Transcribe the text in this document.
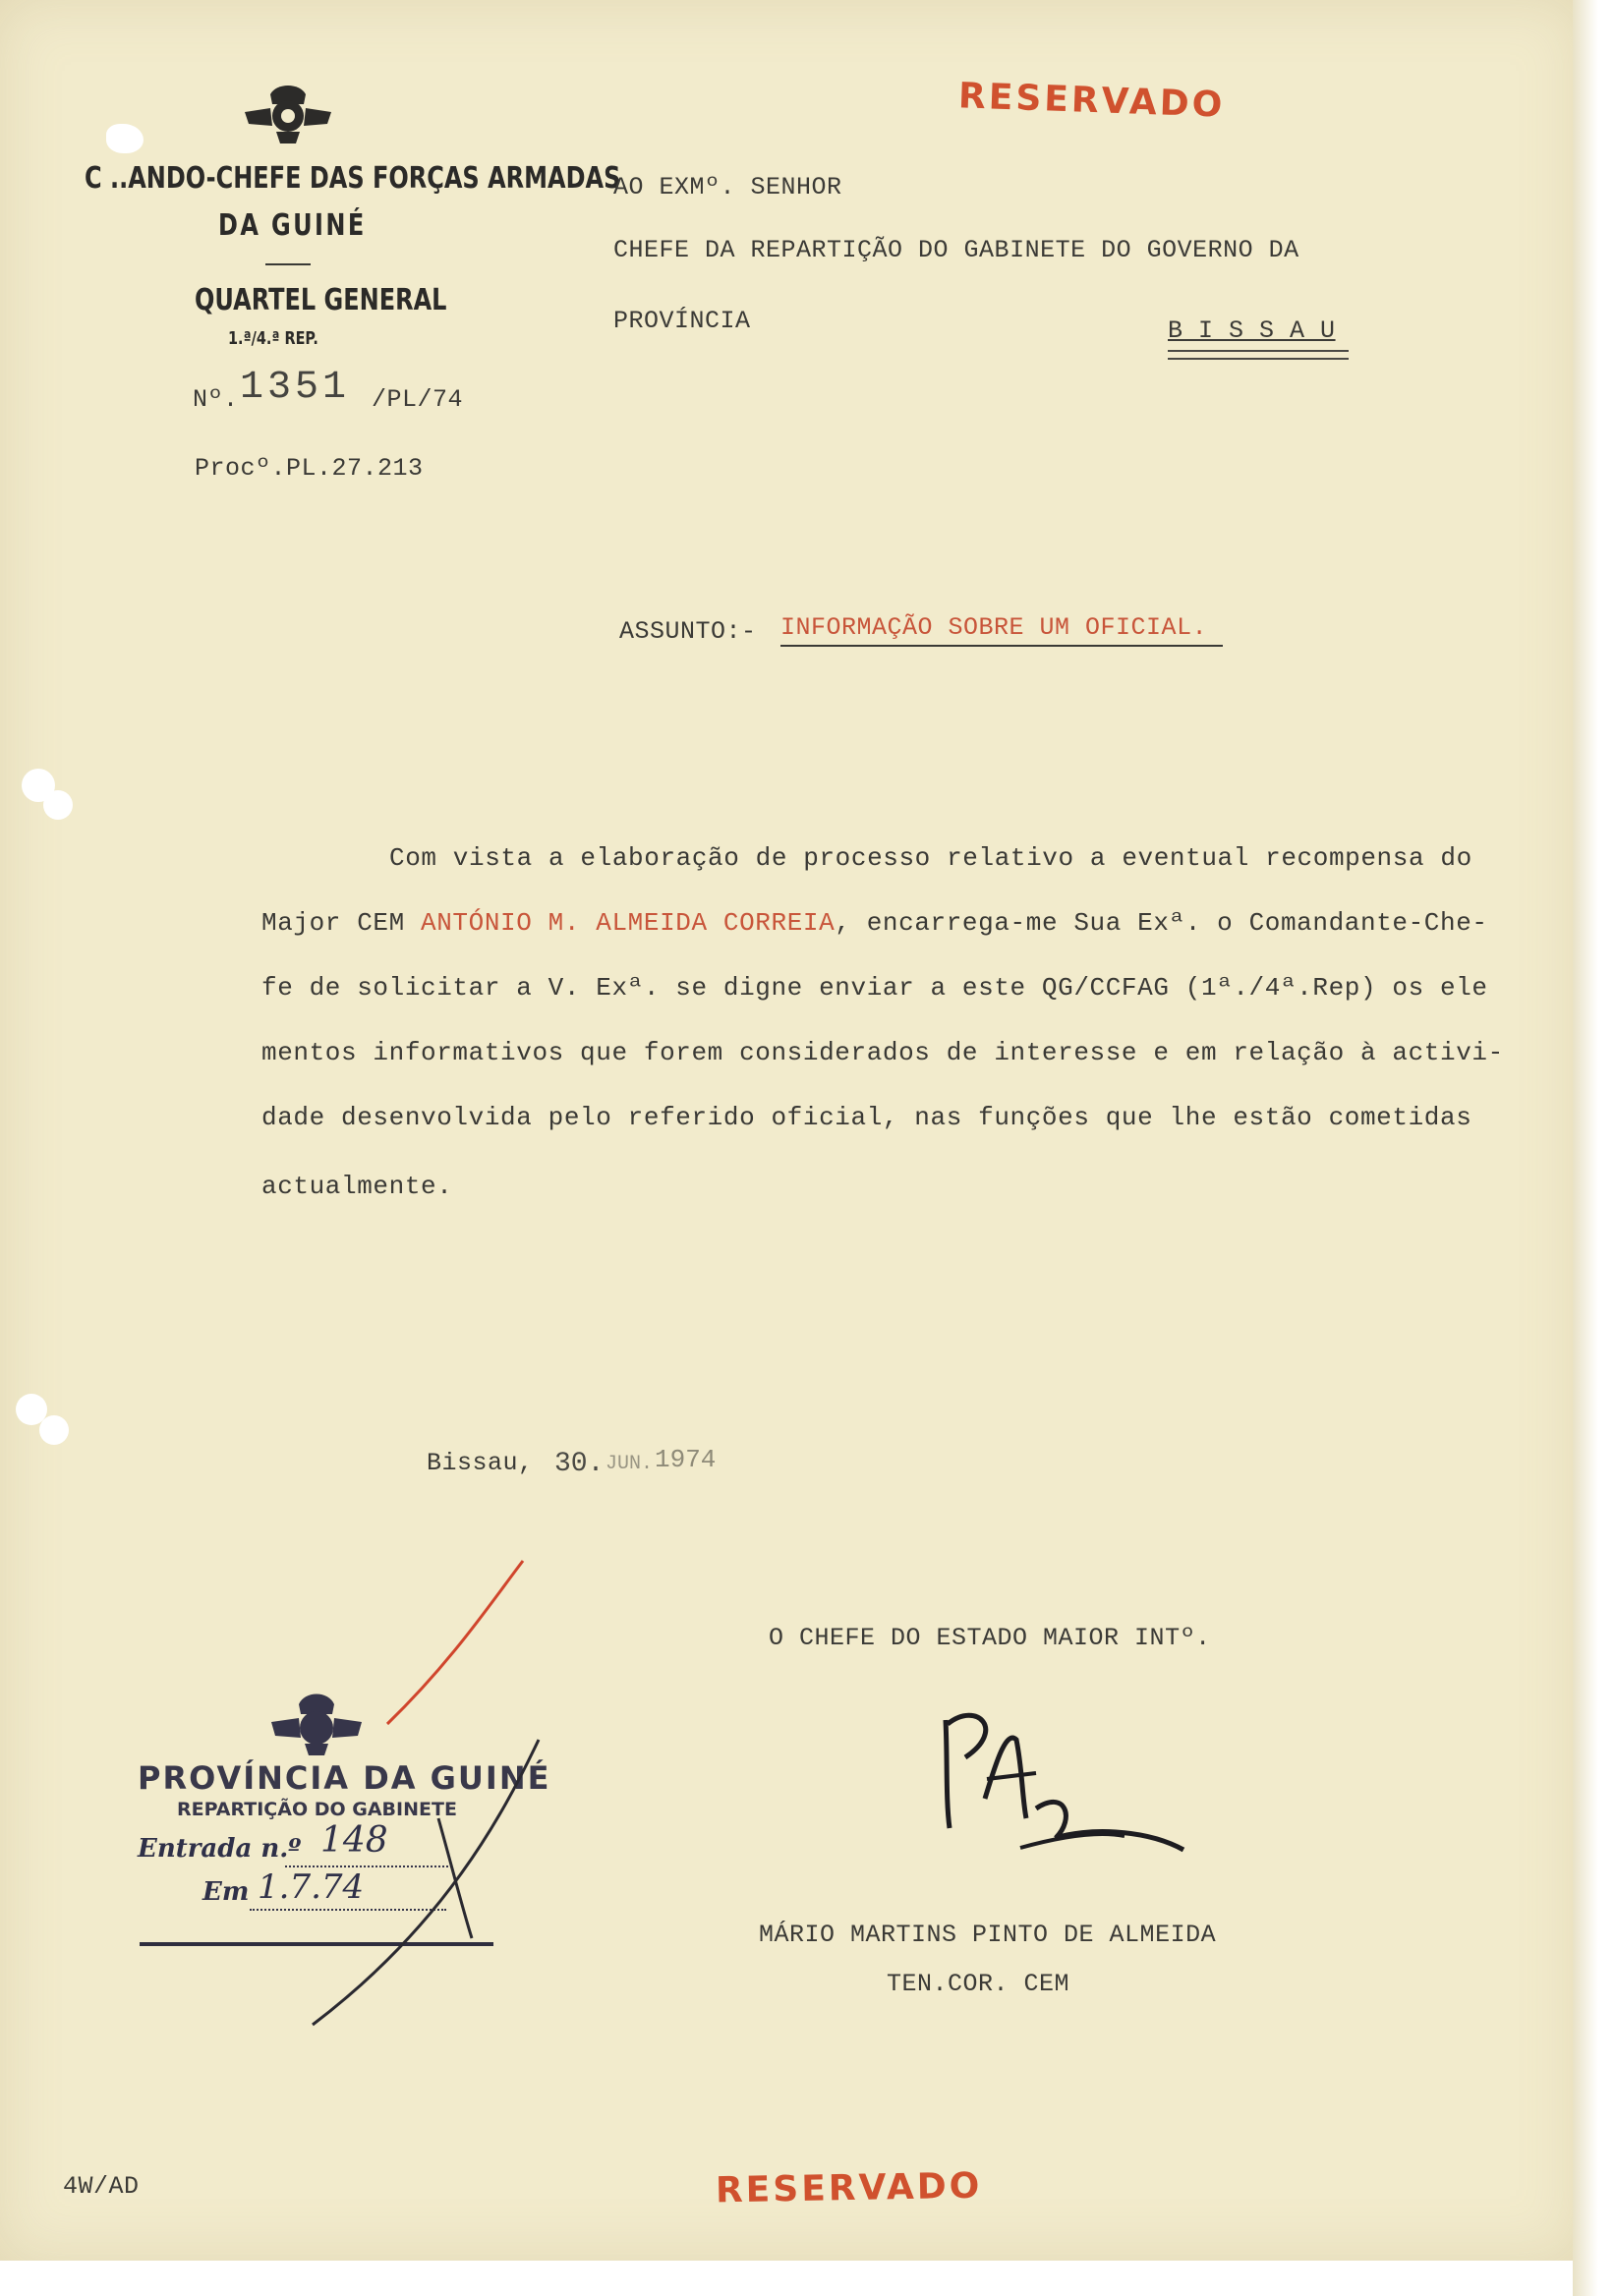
RESERVADO
C ..ANDO-CHEFE DAS FORÇAS ARMADAS
DA GUINÉ
QUARTEL GENERAL
1.ª/4.ª REP.
Nº. 1351 /PL/74
Procº.PL.27.213
AO EXMº. SENHOR
CHEFE DA REPARTIÇÃO DO GABINETE DO GOVERNO DA
PROVÍNCIA	B I S S A U
ASSUNTO:- INFORMAÇÃO SOBRE UM OFICIAL.
Com vista a elaboração de processo relativo a eventual recompensa do
Major CEM ANTÓNIO M. ALMEIDA CORREIA, encarrega-me Sua Exª. o Comandante-Che-
fe de solicitar a V. Exª. se digne enviar a este QG/CCFAG (1ª./4ª.Rep) os ele
mentos informativos que forem considerados de interesse e em relação à activi-
dade desenvolvida pelo referido oficial, nas funções que lhe estão cometidas
actualmente.
Bissau, 30. JUN. 1974
O CHEFE DO ESTADO MAIOR INTº.
MÁRIO MARTINS PINTO DE ALMEIDA
TEN.COR. CEM
PROVÍNCIA DA GUINÉ
REPARTIÇÃO DO GABINETE
Entrada n.º 148
Em 1.7.74
4W/AD	RESERVADO
